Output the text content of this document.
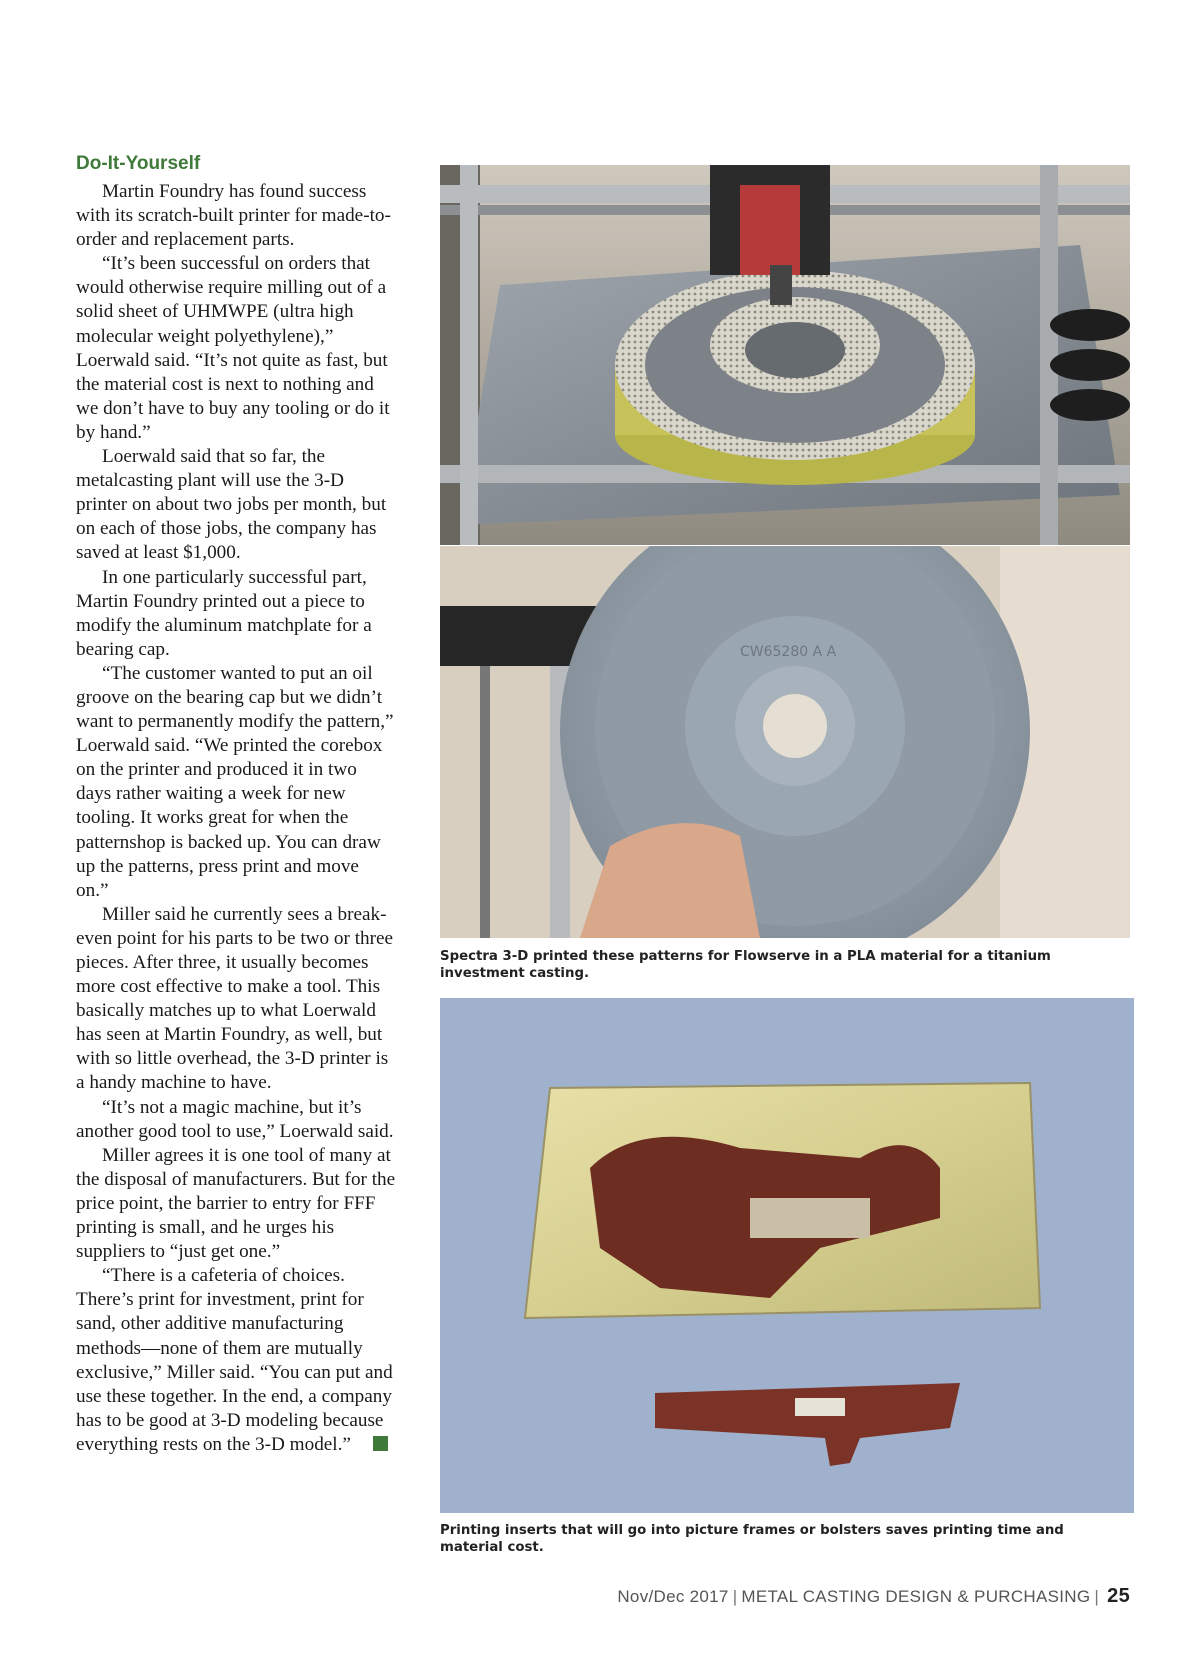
Do-It-Yourself

Martin Foundry has found success with its scratch-built printer for made-to-order and replacement parts.

“It’s been successful on orders that would otherwise require milling out of a solid sheet of UHMWPE (ultra high molecular weight polyethylene),” Loerwald said. “It’s not quite as fast, but the material cost is next to nothing and we don’t have to buy any tooling or do it by hand.”

Loerwald said that so far, the metalcasting plant will use the 3-D printer on about two jobs per month, but on each of those jobs, the company has saved at least $1,000.

In one particularly successful part, Martin Foundry printed out a piece to modify the aluminum matchplate for a bearing cap.

“The customer wanted to put an oil groove on the bearing cap but we didn’t want to permanently modify the pattern,” Loerwald said. “We printed the corebox on the printer and produced it in two days rather waiting a week for new tooling. It works great for when the patternshop is backed up. You can draw up the patterns, press print and move on.”

Miller said he currently sees a break-even point for his parts to be two or three pieces. After three, it usually becomes more cost effective to make a tool. This basically matches up to what Loerwald has seen at Martin Foundry, as well, but with so little overhead, the 3-D printer is a handy machine to have.

“It’s not a magic machine, but it’s another good tool to use,” Loerwald said.

Miller agrees it is one tool of many at the disposal of manufacturers. But for the price point, the barrier to entry for FFF printing is small, and he urges his suppliers to “just get one.”

“There is a cafeteria of choices. There’s print for investment, print for sand, other additive manufacturing methods—none of them are mutually exclusive,” Miller said. “You can put and use these together. In the end, a company has to be good at 3-D modeling because everything rests on the 3-D model.”

CW65280 A A
Spectra 3-D printed these patterns for Flowserve in a PLA material for a titanium investment casting.
Printing inserts that will go into picture frames or bolsters saves printing time and material cost.
Nov/Dec 2017 | METAL CASTING DESIGN & PURCHASING | 25
